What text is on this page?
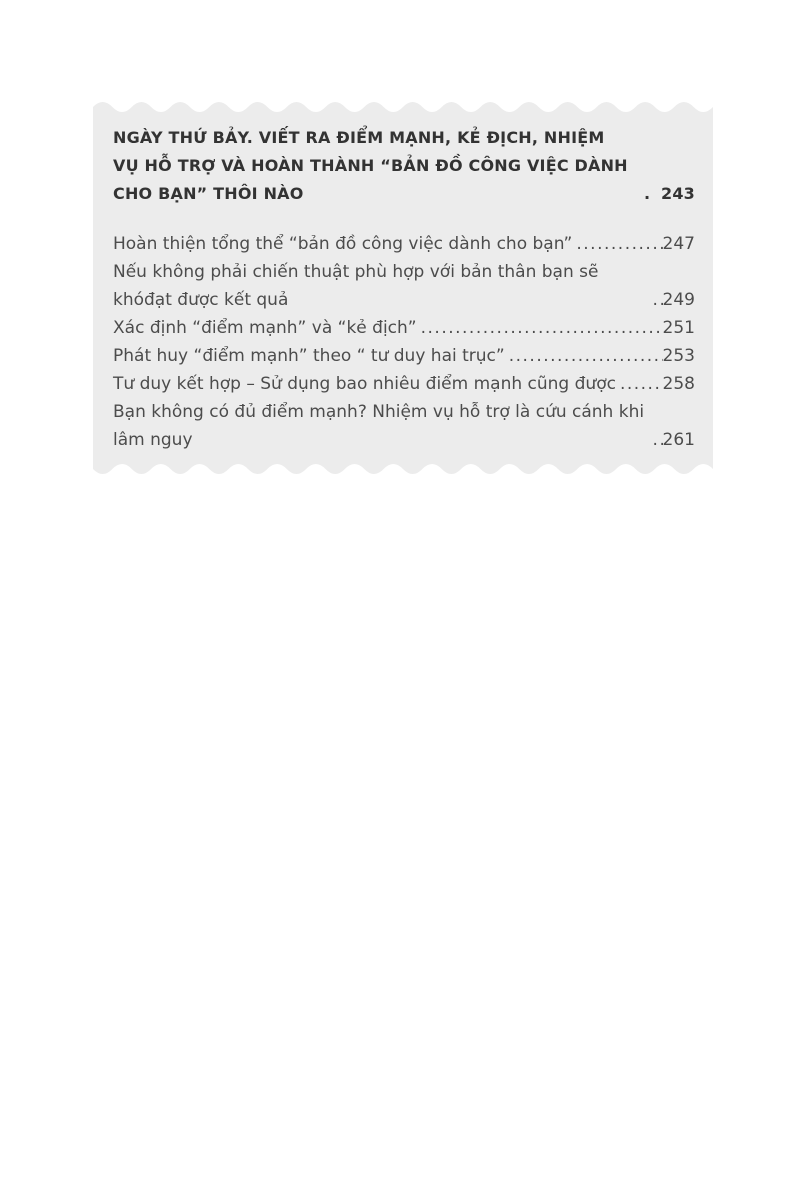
NGÀY THỨ BẢY. VIẾT RA ĐIỂM MẠNH, KẺ ĐỊCH, NHIỆM VỤ HỖ TRỢ VÀ HOÀN THÀNH “BẢN ĐỒ CÔNG VIỆC DÀNH CHO BẠN” THÔI NÀO .....	243
Hoàn thiện tổng thể “bản đồ công việc dành cho bạn” .....	247
Nếu không phải chiến thuật phù hợp với bản thân bạn sẽ khóđạt được kết quả .....	249
Xác định “điểm mạnh” và “kẻ địch” .....	251
Phát huy “điểm mạnh” theo “ tư duy hai trục” .....	253
Tư duy kết hợp – Sử dụng bao nhiêu điểm mạnh cũng được .....	258
Bạn không có đủ điểm mạnh? Nhiệm vụ hỗ trợ là cứu cánh khi lâm nguy .....	261
